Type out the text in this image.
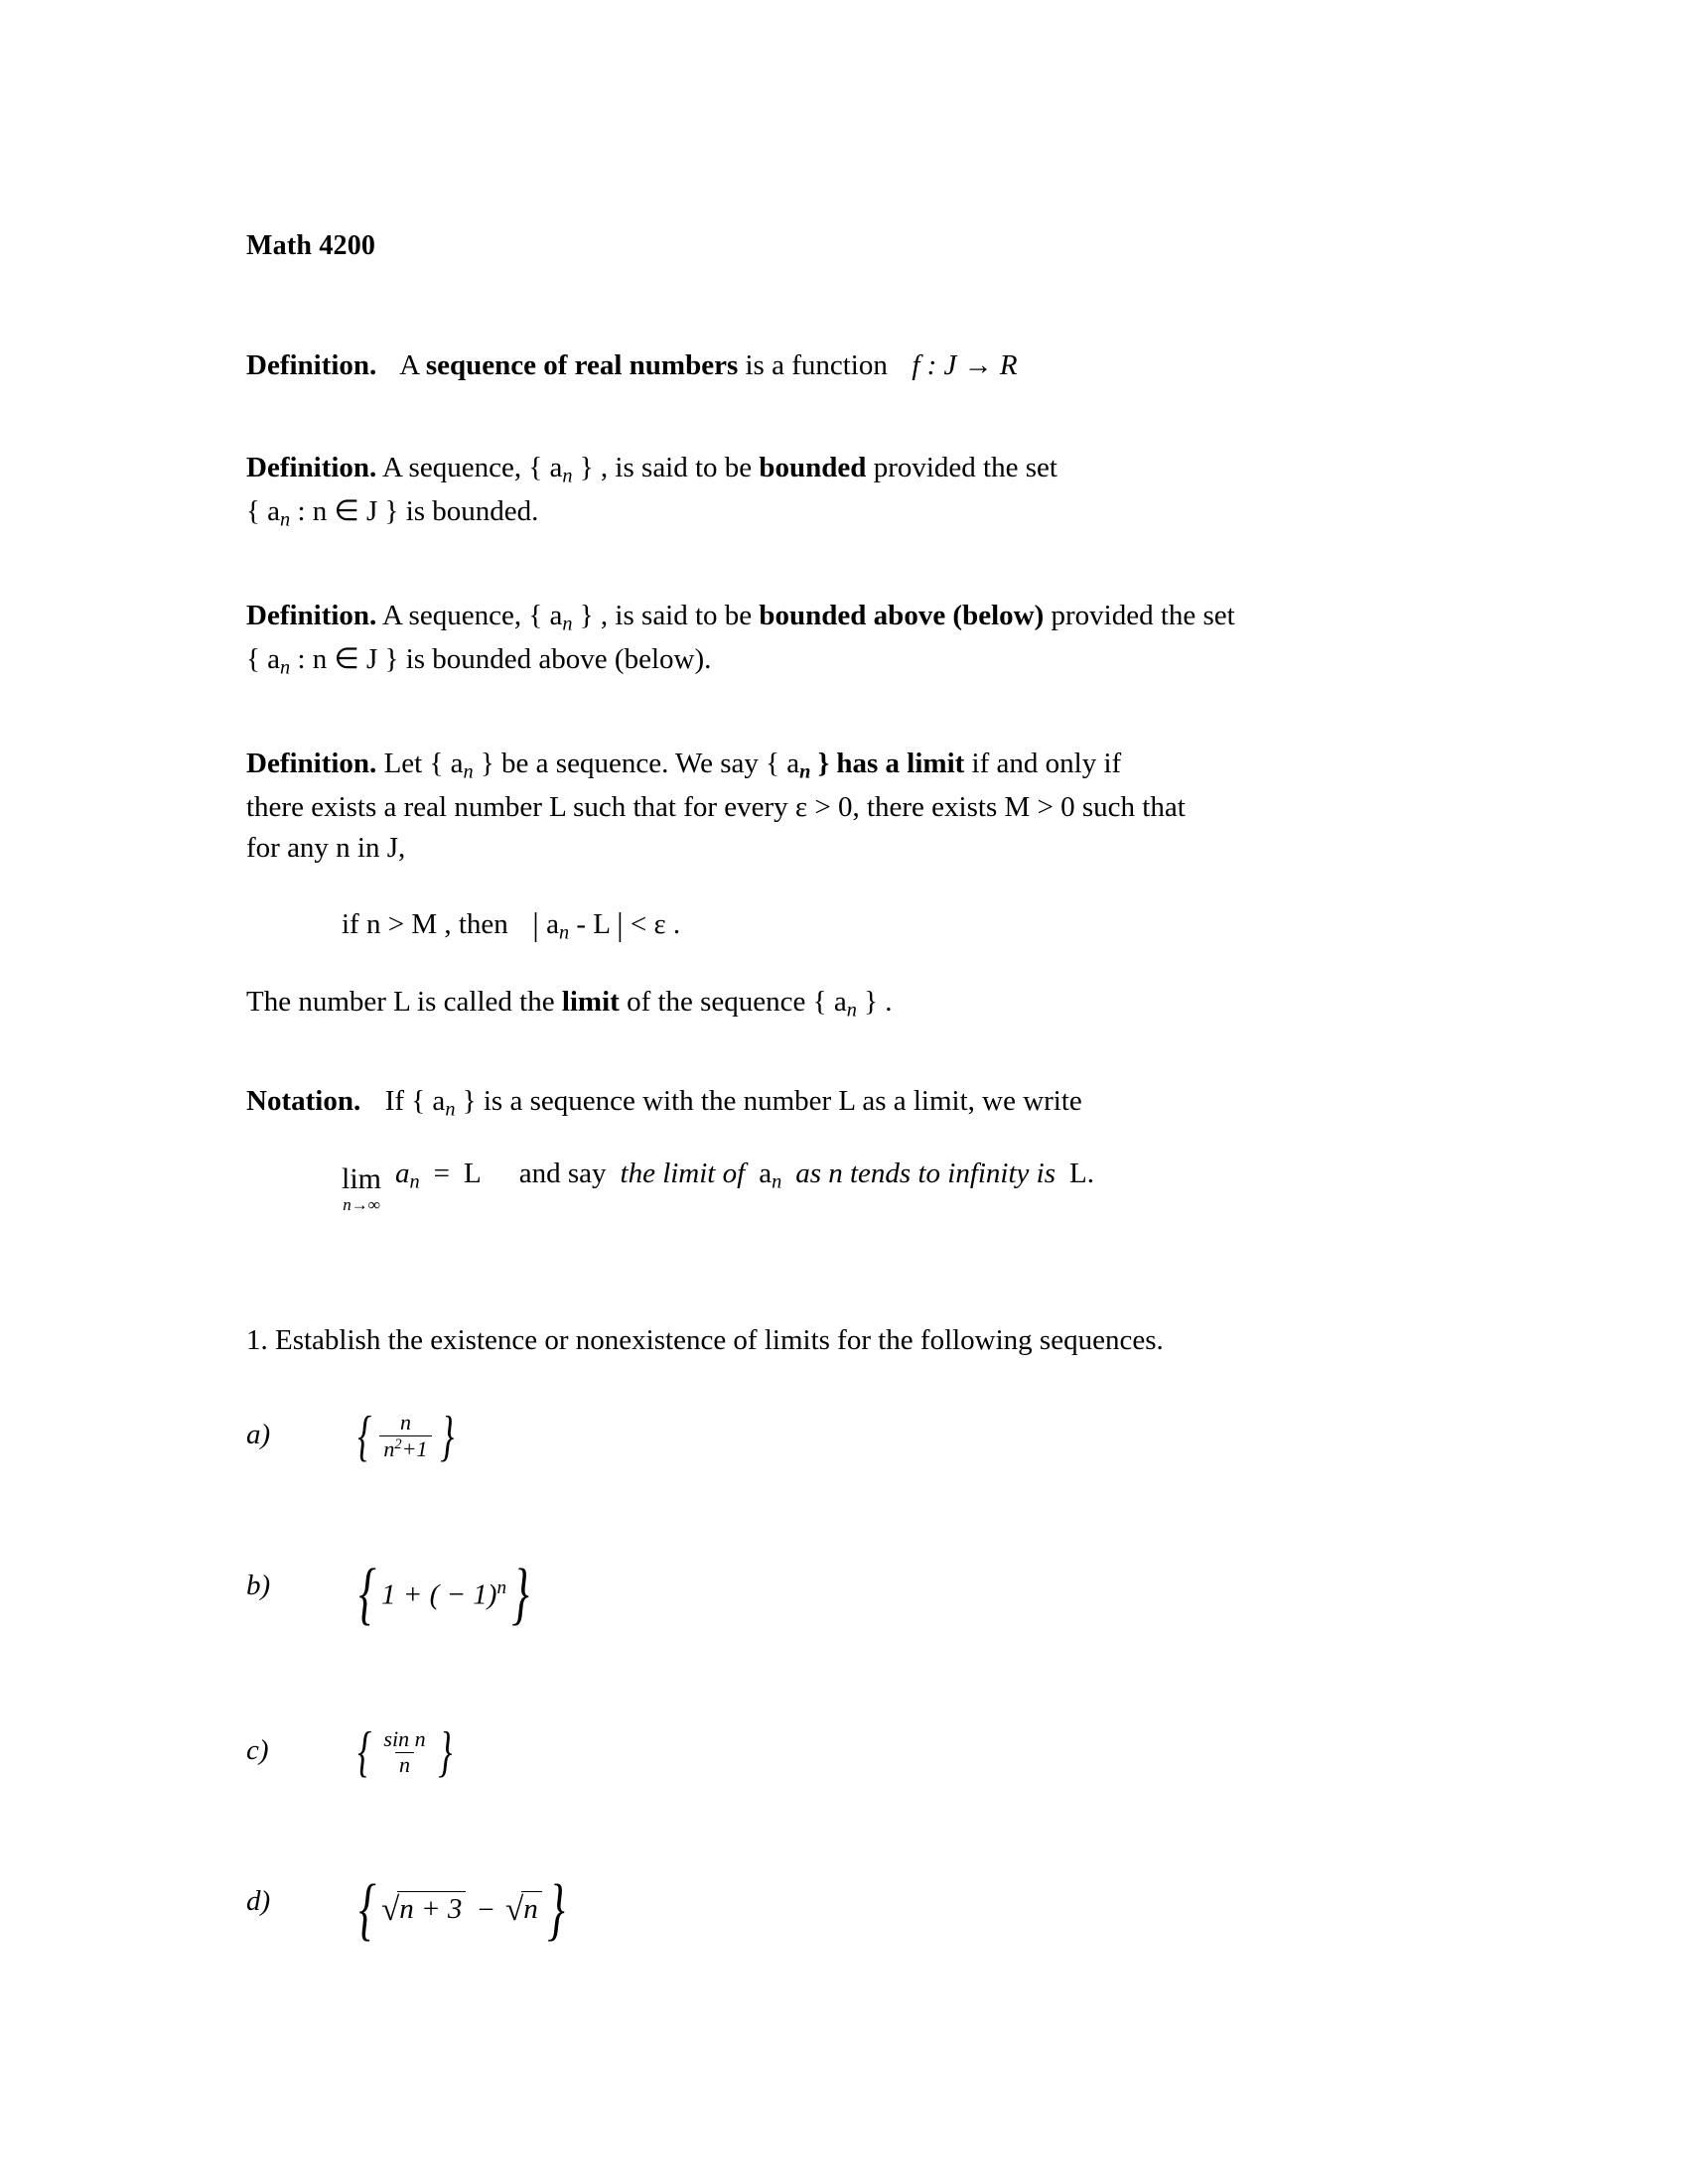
Math 4200
Definition. A sequence of real numbers is a function f : J → R
Definition. A sequence, { $a_n$ } , is said to be bounded provided the set
{ $a_n$ : n ∈ J } is bounded.
Definition. A sequence, { $a_n$ } , is said to be bounded above (below) provided the set
{ $a_n$ : n ∈ J } is bounded above (below).
Definition. Let { $a_n$ } be a sequence. We say { $a_n$ } has a limit if and only if
there exists a real number L such that for every ε > 0, there exists M > 0 such that
for any n in J,
if n > M , then | $a_n$ - L | < ε .
The number L is called the limit of the sequence { $a_n$ } .
Notation. If { $a_n$ } is a sequence with the number L as a limit, we write
lim
n→∞
$a_n = L$ and say the limit of $a_n$ as n tends to infinity is L.
1. Establish the existence or nonexistence of limits for the following sequences.
a)	{ $\frac{n}{n^2+1}$ }
b)	{ 1 + ( − 1)$^n$ }
c)	{ $\frac{\text{sin n}}{n}$ }
d)	{ √ n + 3 − √ n }
